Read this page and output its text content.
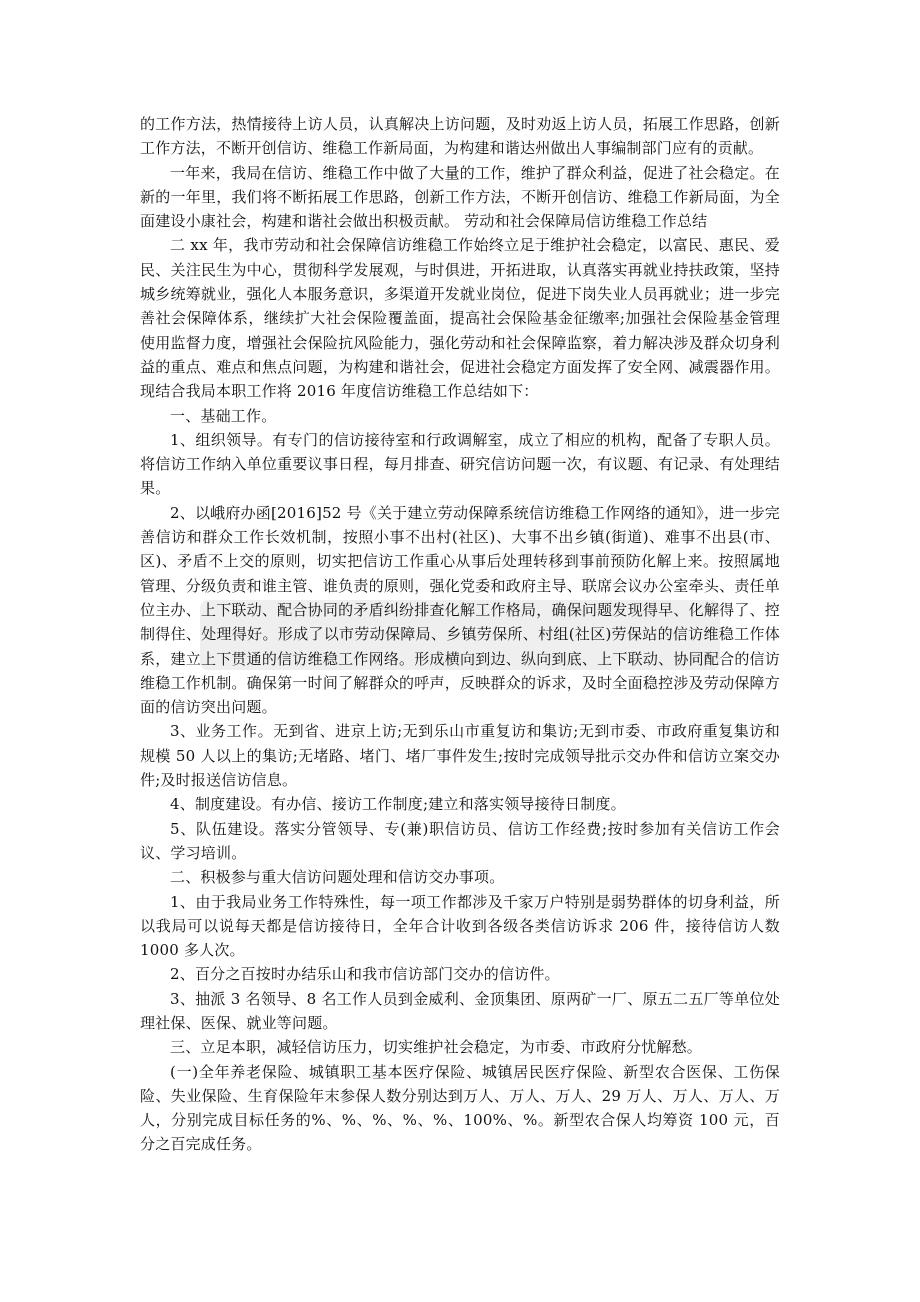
的工作方法，热情接待上访人员，认真解决上访问题，及时劝返上访人员，拓展工作思路，创新工作方法，不断开创信访、维稳工作新局面，为构建和谐达州做出人事编制部门应有的贡献。

一年来，我局在信访、维稳工作中做了大量的工作，维护了群众利益，促进了社会稳定。在新的一年里，我们将不断拓展工作思路，创新工作方法，不断开创信访、维稳工作新局面，为全面建设小康社会，构建和谐社会做出积极贡献。 劳动和社会保障局信访维稳工作总结

二 xx 年，我市劳动和社会保障信访维稳工作始终立足于维护社会稳定，以富民、惠民、爱民、关注民生为中心，贯彻科学发展观，与时俱进，开拓进取，认真落实再就业持扶政策，坚持城乡统筹就业，强化人本服务意识，多渠道开发就业岗位，促进下岗失业人员再就业；进一步完善社会保障体系，继续扩大社会保险覆盖面，提高社会保险基金征缴率;加强社会保险基金管理使用监督力度，增强社会保险抗风险能力，强化劳动和社会保障监察，着力解决涉及群众切身利益的重点、难点和焦点问题，为构建和谐社会，促进社会稳定方面发挥了安全网、减震器作用。现结合我局本职工作将 2016 年度信访维稳工作总结如下：

一、基础工作。

1、组织领导。有专门的信访接待室和行政调解室，成立了相应的机构，配备了专职人员。将信访工作纳入单位重要议事日程，每月排查、研究信访问题一次，有议题、有记录、有处理结果。

2、以峨府办函[2016]52 号《关于建立劳动保障系统信访维稳工作网络的通知》，进一步完善信访和群众工作长效机制，按照小事不出村(社区)、大事不出乡镇(街道)、难事不出县(市、区)、矛盾不上交的原则，切实把信访工作重心从事后处理转移到事前预防化解上来。按照属地管理、分级负责和谁主管、谁负责的原则，强化党委和政府主导、联席会议办公室牵头、责任单位主办、上下联动、配合协同的矛盾纠纷排查化解工作格局，确保问题发现得早、化解得了、控制得住、处理得好。形成了以市劳动保障局、乡镇劳保所、村组(社区)劳保站的信访维稳工作体系，建立上下贯通的信访维稳工作网络。形成横向到边、纵向到底、上下联动、协同配合的信访维稳工作机制。确保第一时间了解群众的呼声，反映群众的诉求，及时全面稳控涉及劳动保障方面的信访突出问题。

3、业务工作。无到省、进京上访;无到乐山市重复访和集访;无到市委、市政府重复集访和规模 50 人以上的集访;无堵路、堵门、堵厂事件发生;按时完成领导批示交办件和信访立案交办件;及时报送信访信息。

4、制度建设。有办信、接访工作制度;建立和落实领导接待日制度。

5、队伍建设。落实分管领导、专(兼)职信访员、信访工作经费;按时参加有关信访工作会议、学习培训。

二、积极参与重大信访问题处理和信访交办事项。

1、由于我局业务工作特殊性，每一项工作都涉及千家万户特别是弱势群体的切身利益，所以我局可以说每天都是信访接待日，全年合计收到各级各类信访诉求 206 件，接待信访人数 1000 多人次。

2、百分之百按时办结乐山和我市信访部门交办的信访件。

3、抽派 3 名领导、8 名工作人员到金威利、金顶集团、原两矿一厂、原五二五厂等单位处理社保、医保、就业等问题。

三、立足本职，减轻信访压力，切实维护社会稳定，为市委、市政府分忧解愁。

(一)全年养老保险、城镇职工基本医疗保险、城镇居民医疗保险、新型农合医保、工伤保险、失业保险、生育保险年末参保人数分别达到万人、万人、万人、29 万人、万人、万人、万人，分别完成目标任务的%、%、%、%、%、100%、%。新型农合保人均筹资 100 元，百分之百完成任务。
